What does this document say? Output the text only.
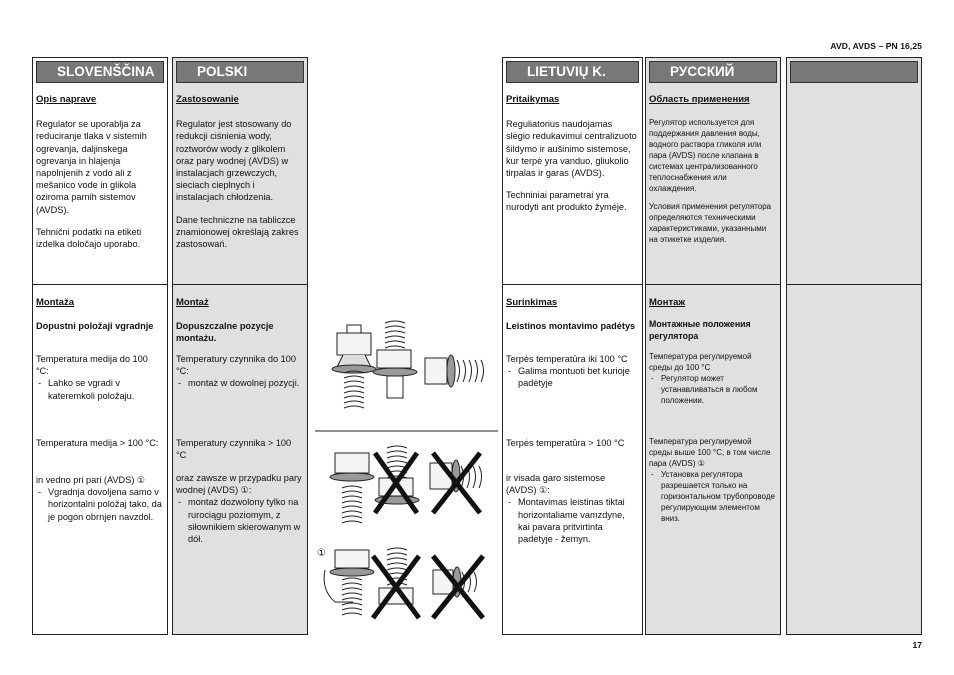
AVD, AVDS – PN 16,25
SLOVENŠČINA
Opis naprave

Regulator se uporablja za reduciranje tlaka v sistemih ogrevanja, daljinskega ogrevanja in hlajenja napolnjenih z vodo ali z mešanico vode in glikola oziroma parnih sistemov (AVDS).

Tehnični podatki na etiketi izdelka določajo uporabo.

Montaža
Dopustni položaji vgradnje

Temperatura medija do 100 °C:

- Lahko se vgradi v kateremkoli položaju.

Temperatura medija > 100 °C:

in vedno pri pari (AVDS) ①

- Vgradnja dovoljena samo v horizontalni položaj tako, da je pogon obrnjen navzdol.

POLSKI
Zastosowanie

Regulator jest stosowany do redukcji ciśnienia wody, roztworów wody z glikolem oraz pary wodnej (AVDS) w instalacjach grzewczych, sieciach cieplnych i instalacjach chłodzenia.

Dane techniczne na tabliczce znamionowej określają zakres zastosowań.

Montaż
Dopuszczalne pozycje montażu.

Temperatury czynnika do 100 °C:

- montaż w dowolnej pozycji.

Temperatury czynnika > 100 °C

oraz zawsze w przypadku pary wodnej (AVDS) ①:

- montaż dozwolony tylko na rurociągu poziomym, z siłownikiem skierowanym w dół.

LIETUVIŲ K.
Pritaikymas

Reguliatorius naudojamas slėgio redukavimui centralizuoto šildymo ir aušinimo sistemose, kur terpė yra vanduo, gliukolio tirpalas ir garas (AVDS).

Techniniai parametrai yra nurodyti ant produkto žymėje.

Surinkimas
Leistinos montavimo padėtys

Terpės temperatūra iki 100 °C

- Galima montuoti bet kurioje padėtyje

Terpės temperatūra > 100 °C

ir visada garo sistemose (AVDS) ①:

- Montavimas leistinas tiktai horizontaliame vamzdyne, kai pavara pritvirtinta padėtyje - žemyn.

РУССКИЙ
Область применения

Регулятор используется для поддержания давления воды, водного раствора гликоля или пара (AVDS) после клапана в системах централизованного теплоснабжения или охлаждения.

Условия применения регулятора определяются техническими характеристиками, указанными на этикетке изделия.

Монтаж
Монтажные положения регулятора

Температура регулируемой среды до 100 °C

- Регулятор может устанавливаться в любом положении.

Температура регулируемой среды выше 100 °C, в том числе пара (AVDS) ①

- Установка регулятора разрешается только на горизонтальном трубопроводе регулирующим элементом вниз.

①
17
